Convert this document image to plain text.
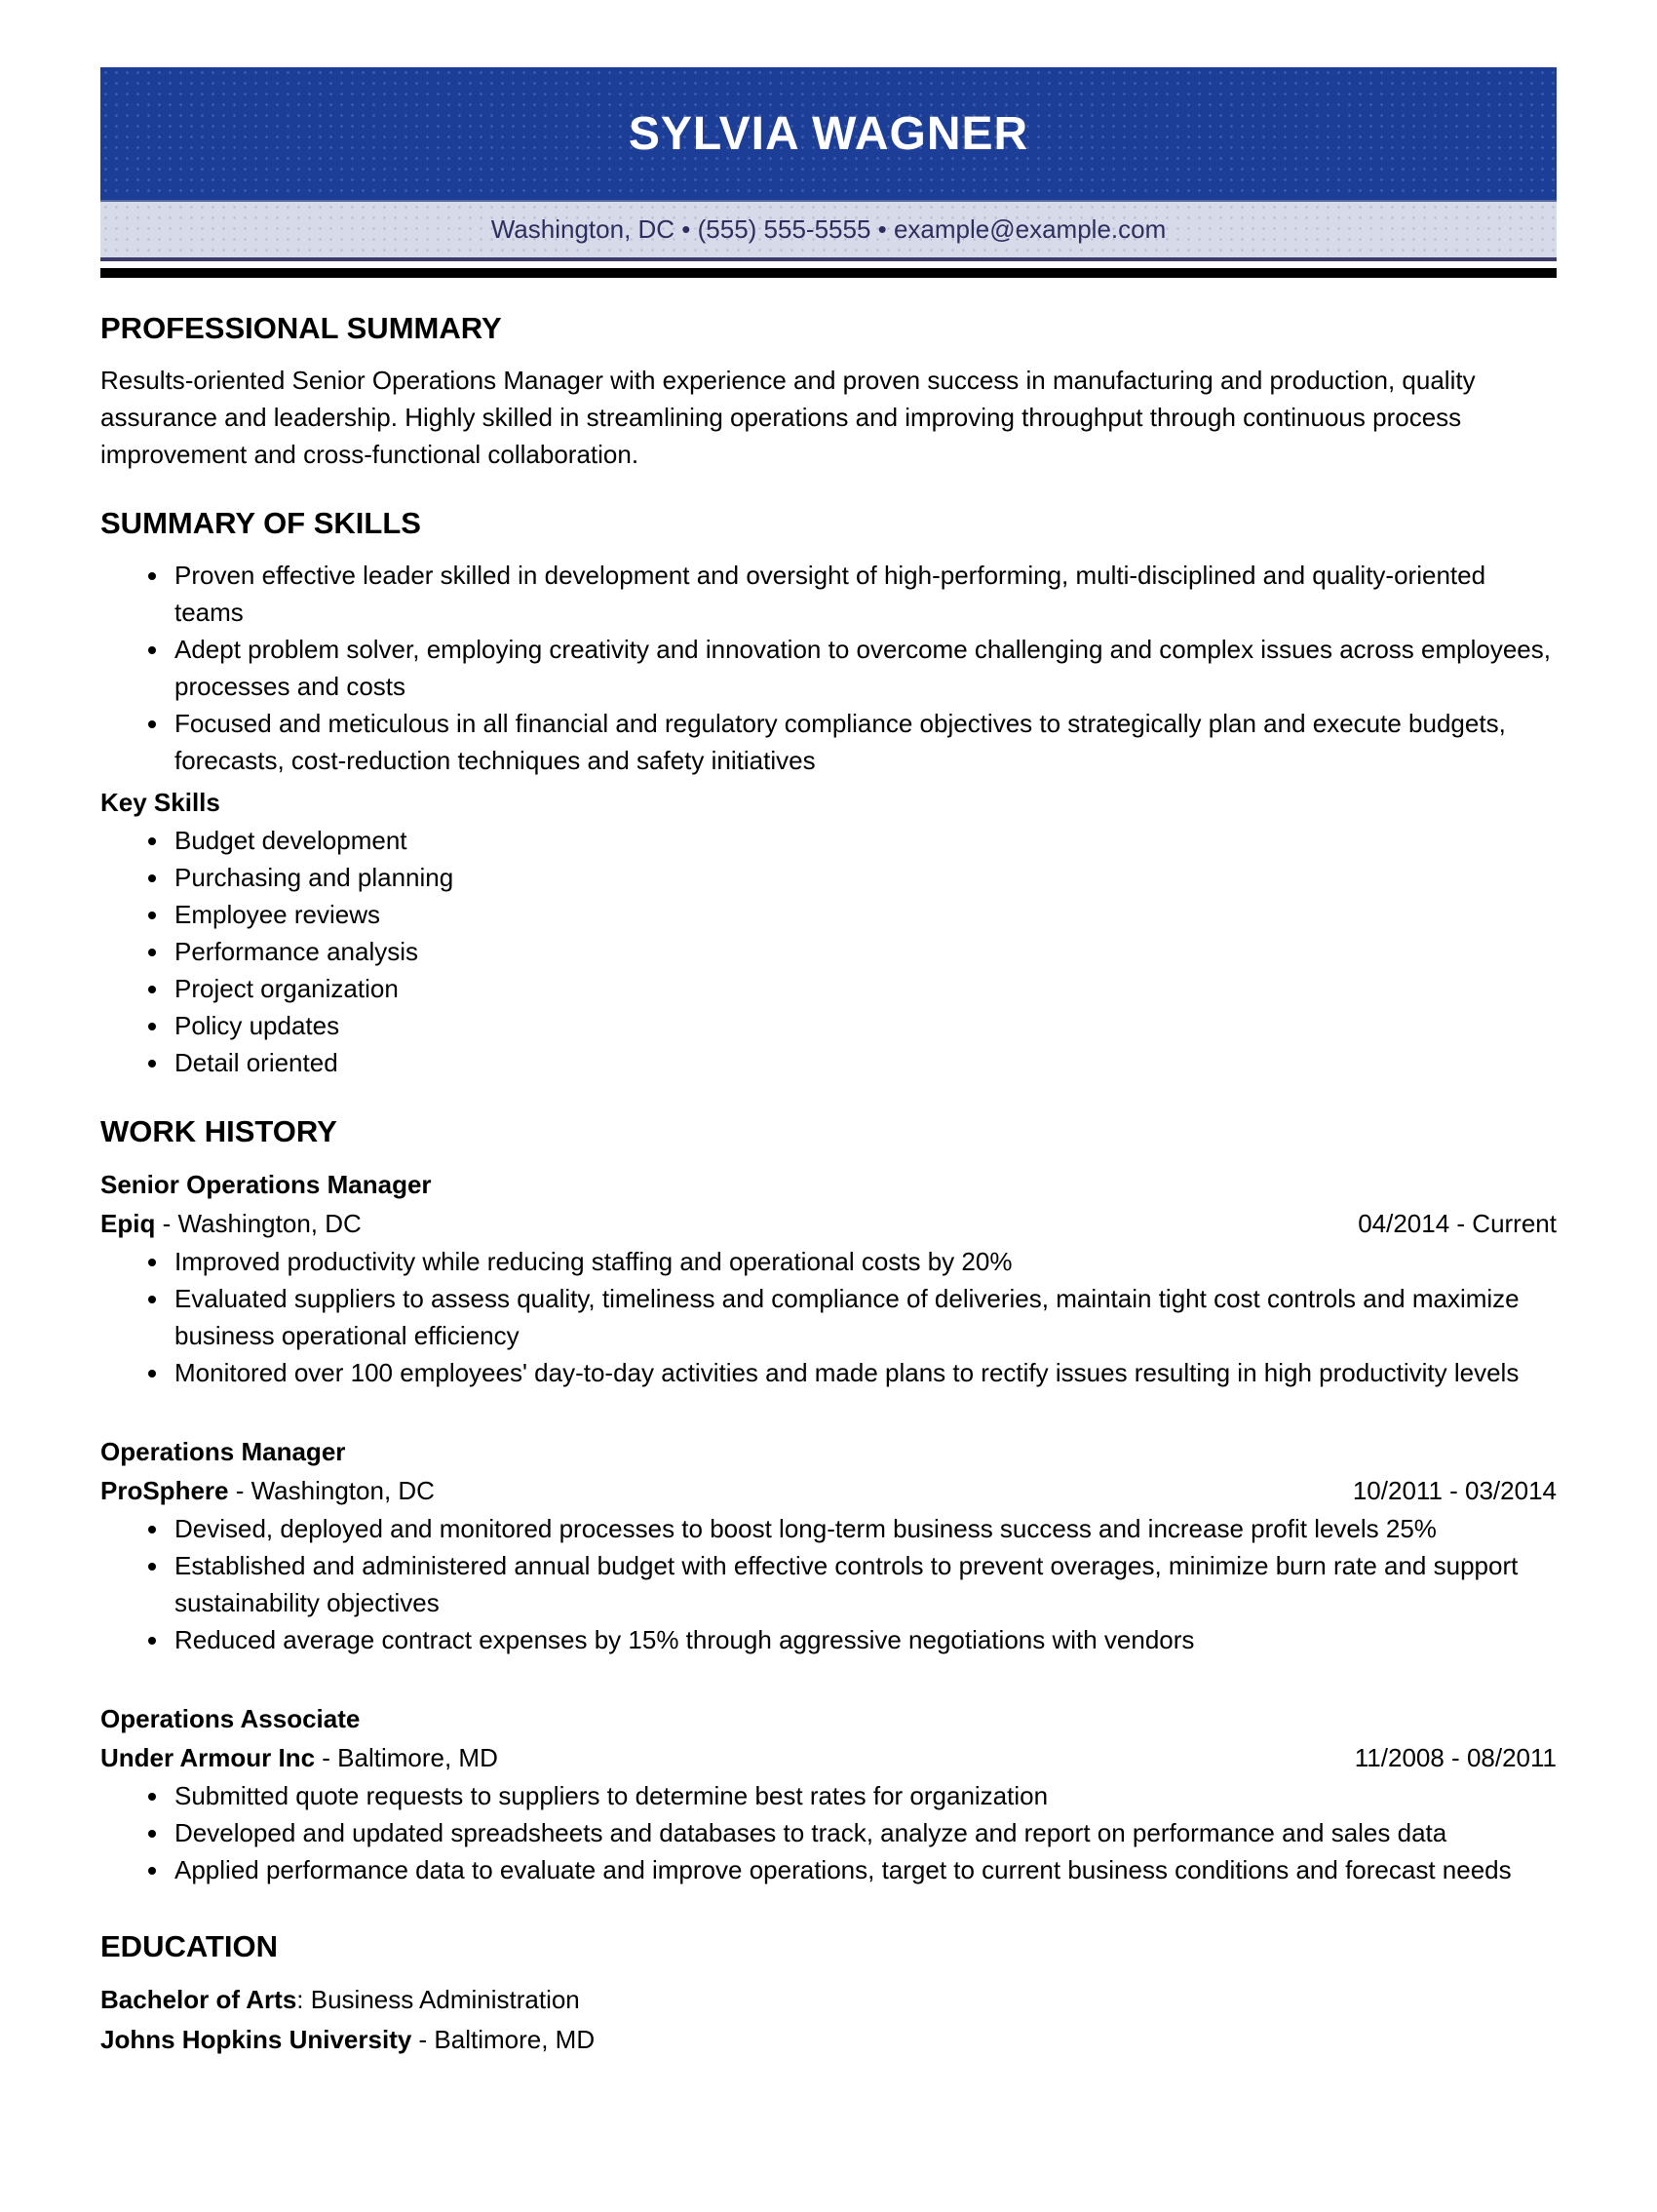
SYLVIA WAGNER
Washington, DC • (555) 555-5555 • example@example.com
PROFESSIONAL SUMMARY

Results-oriented Senior Operations Manager with experience and proven success in manufacturing and production, quality assurance and leadership. Highly skilled in streamlining operations and improving throughput through continuous process improvement and cross-functional collaboration.

SUMMARY OF SKILLS
• Proven effective leader skilled in development and oversight of high-performing, multi-disciplined and quality-oriented teams
• Adept problem solver, employing creativity and innovation to overcome challenging and complex issues across employees, processes and costs
• Focused and meticulous in all financial and regulatory compliance objectives to strategically plan and execute budgets, forecasts, cost-reduction techniques and safety initiatives
Key Skills
• Budget development
• Purchasing and planning
• Employee reviews
• Performance analysis
• Project organization
• Policy updates
• Detail oriented
WORK HISTORY
Senior Operations Manager
Epiq - Washington, DC	04/2014 - Current
• Improved productivity while reducing staffing and operational costs by 20%
• Evaluated suppliers to assess quality, timeliness and compliance of deliveries, maintain tight cost controls and maximize business operational efficiency
• Monitored over 100 employees' day-to-day activities and made plans to rectify issues resulting in high productivity levels
Operations Manager
ProSphere - Washington, DC	10/2011 - 03/2014
• Devised, deployed and monitored processes to boost long-term business success and increase profit levels 25%
• Established and administered annual budget with effective controls to prevent overages, minimize burn rate and support sustainability objectives
• Reduced average contract expenses by 15% through aggressive negotiations with vendors
Operations Associate
Under Armour Inc - Baltimore, MD	11/2008 - 08/2011
• Submitted quote requests to suppliers to determine best rates for organization
• Developed and updated spreadsheets and databases to track, analyze and report on performance and sales data
• Applied performance data to evaluate and improve operations, target to current business conditions and forecast needs
EDUCATION
Bachelor of Arts: Business Administration
Johns Hopkins University - Baltimore, MD
